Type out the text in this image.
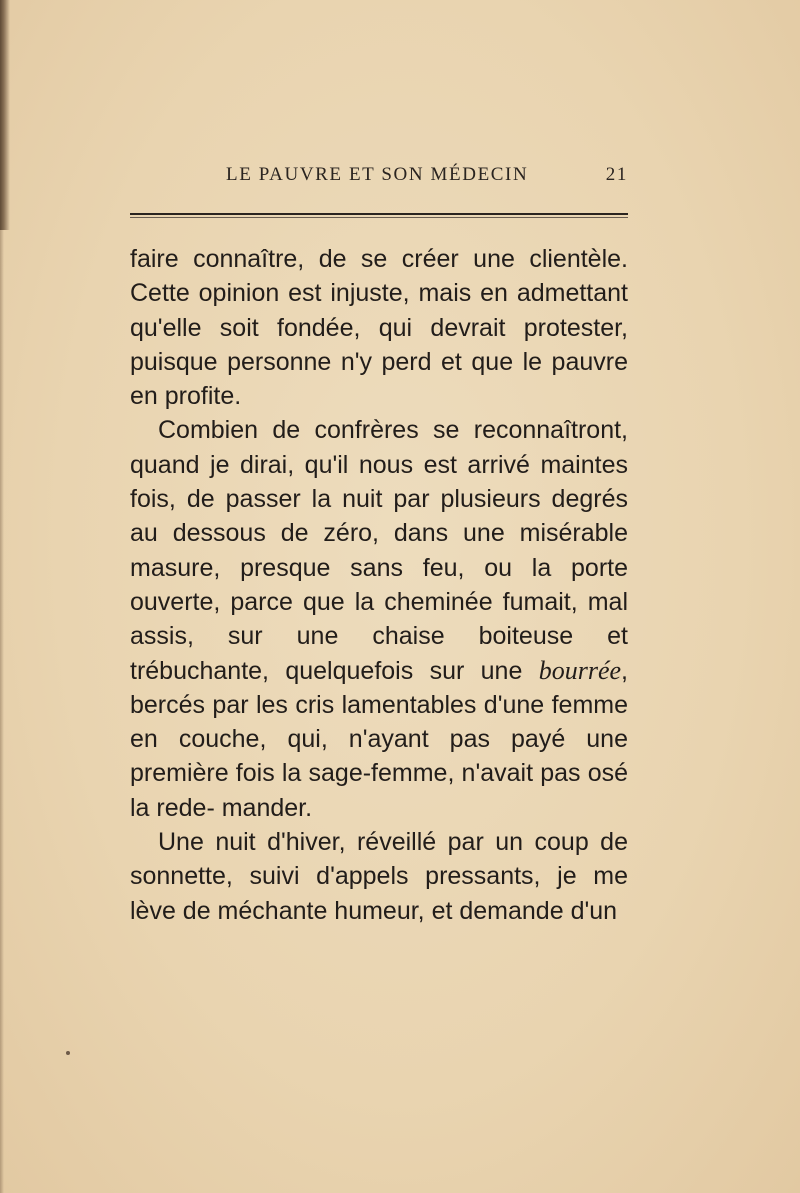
LE PAUVRE ET SON MÉDECIN	21

faire connaître, de se créer une clientèle. Cette opinion est injuste, mais en admettant qu'elle soit fondée, qui devrait protester, puisque personne n'y perd et que le pauvre en profite.

Combien de confrères se reconnaîtront, quand je dirai, qu'il nous est arrivé maintes fois, de passer la nuit par plusieurs degrés au dessous de zéro, dans une misérable masure, presque sans feu, ou la porte ouverte, parce que la cheminée fumait, mal assis, sur une chaise boiteuse et trébuchante, quelquefois sur une bourrée, bercés par les cris lamentables d'une femme en couche, qui, n'ayant pas payé une première fois la sage-femme, n'avait pas osé la rede- mander.

Une nuit d'hiver, réveillé par un coup de sonnette, suivi d'appels pressants, je me lève de méchante humeur, et demande d'un
